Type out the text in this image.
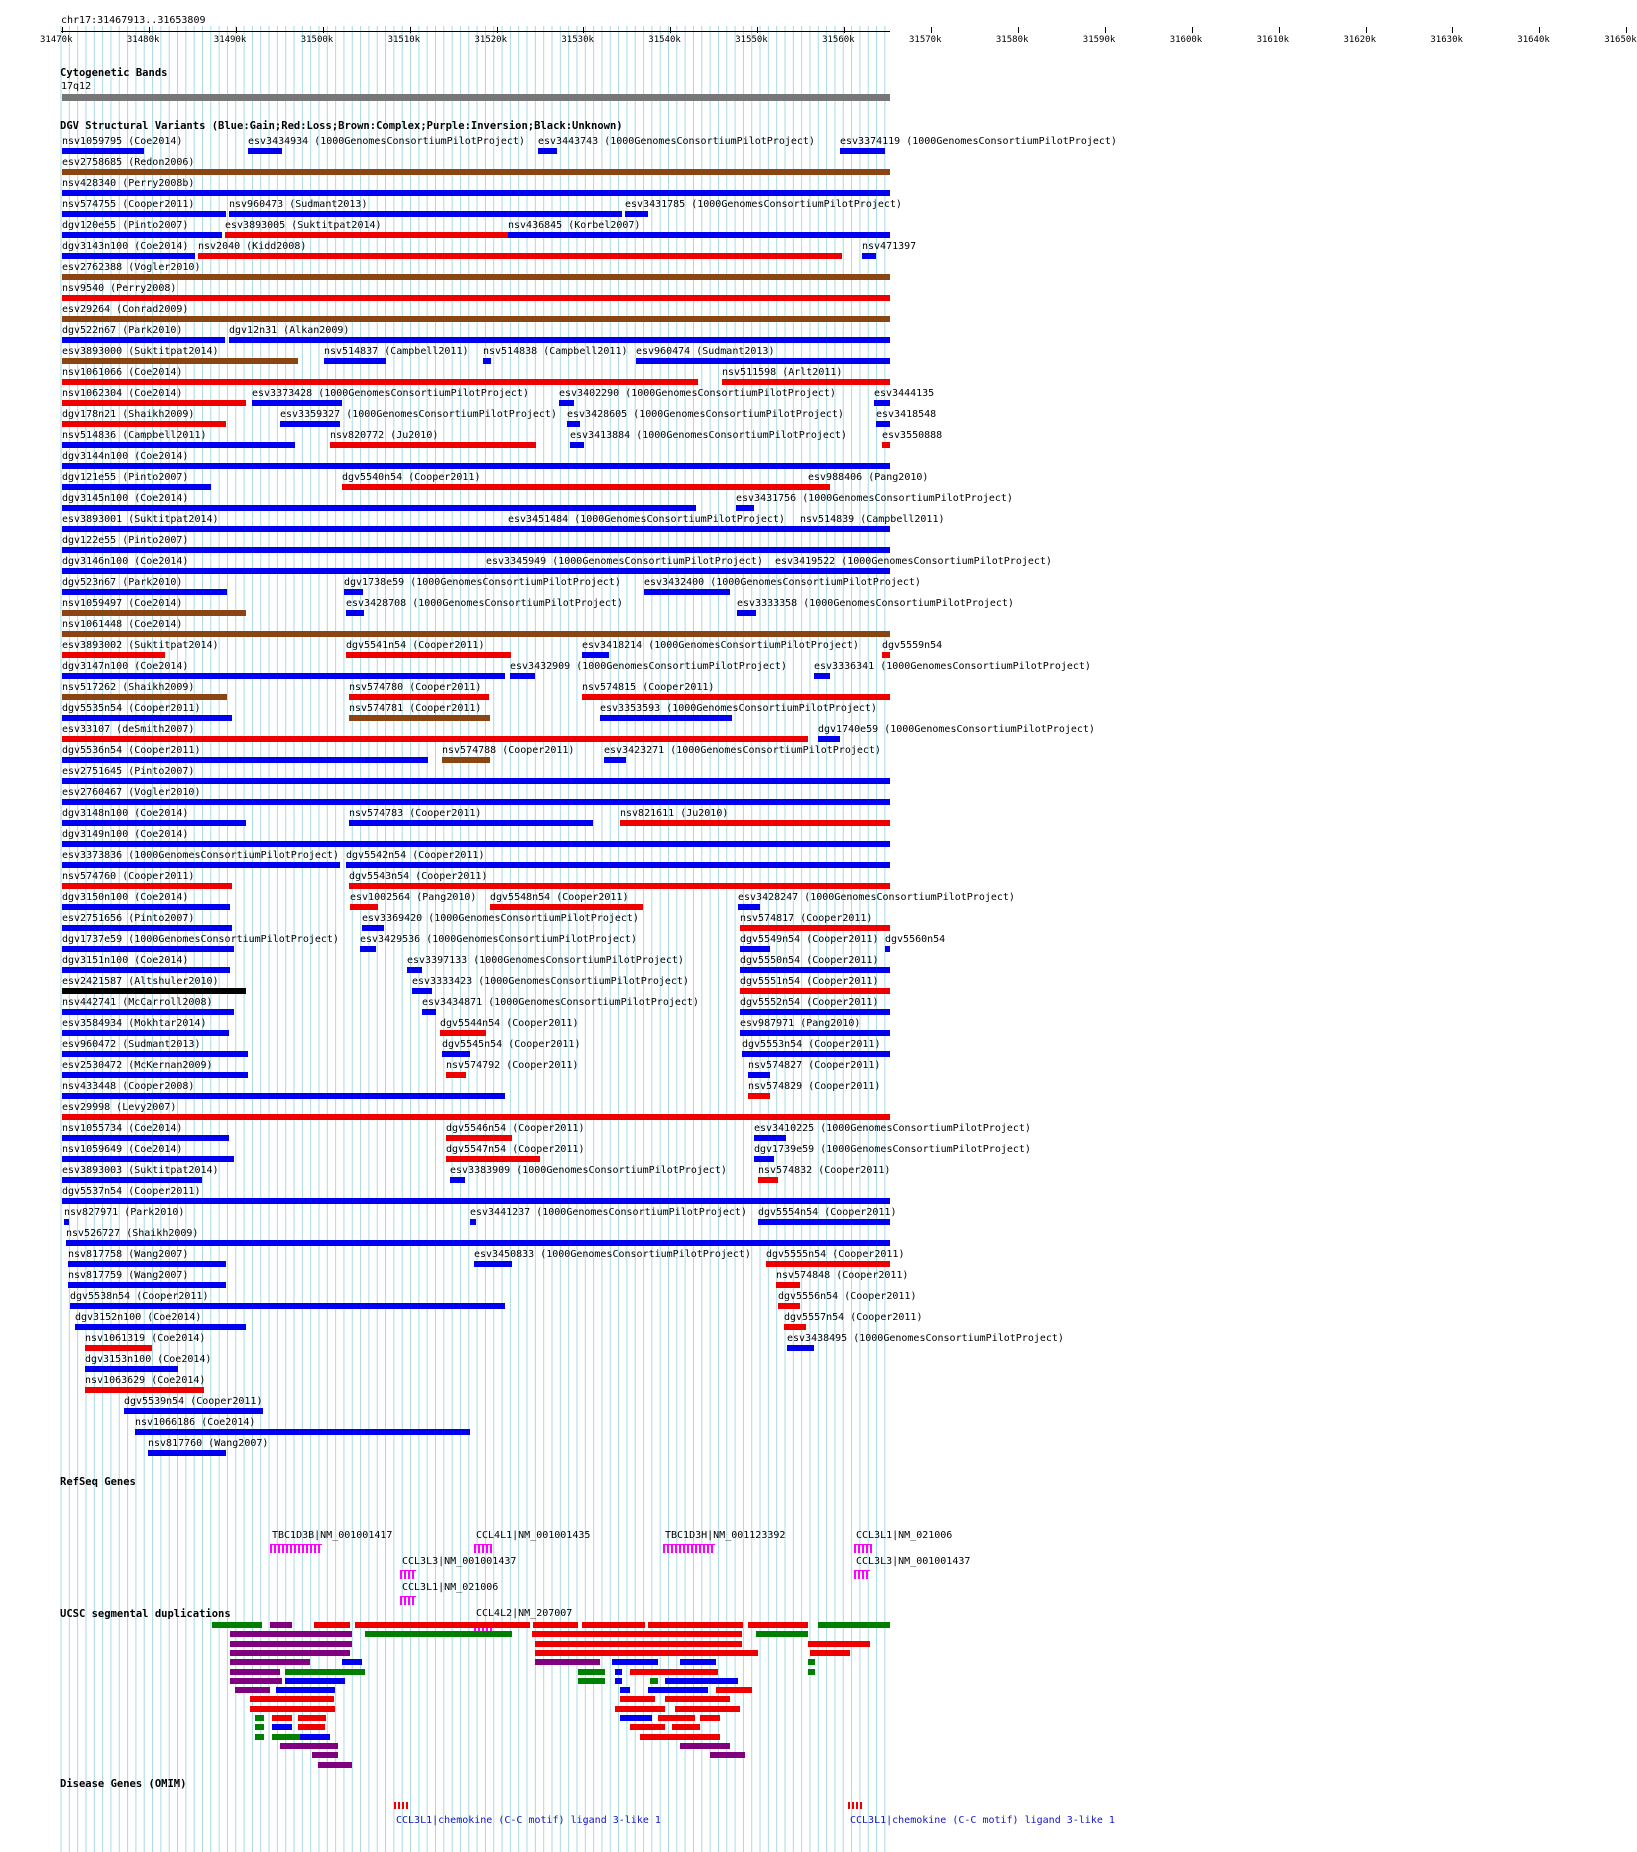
chr17:31467913..31653809
31470k	31480k	31490k	31500k	31510k	31520k	31530k	31540k	31550k	31560k	31570k	31580k	31590k	31600k	31610k	31620k	31630k	31640k	31650k
Cytogenetic Bands
17q12
DGV Structural Variants (Blue:Gain;Red:Loss;Brown:Complex;Purple:Inversion;Black:Unknown)
nsv1059795 (Coe2014)	esv3434934 (1000GenomesConsortiumPilotProject) esv3443743 (1000GenomesConsortiumPilotProject)	esv3374119 (1000GenomesConsortiumPilotProject)
esv2758685 (Redon2006)
nsv428340 (Perry2008b)
nsv574755 (Cooper2011)	nsv960473 (Sudmant2013)	esv3431785 (1000GenomesConsortiumPilotProject)
dgv120e55 (Pinto2007)	esv3893005 (Suktitpat2014)	nsv436845 (Korbel2007)
dgv3143n100 (Coe2014) nsv2040 (Kidd2008)	nsv471397
esv2762388 (Vogler2010)
nsv9540 (Perry2008)
esv29264 (Conrad2009)
dgv522n67 (Park2010)	dgv12n31 (Alkan2009)
esv3893000 (Suktitpat2014)	nsv514837 (Campbell2011) nsv514838 (Campbell2011) esv960474 (Sudmant2013)
nsv1061066 (Coe2014)	nsv511598 (Arlt2011)
nsv1062304 (Coe2014)	esv3373428 (1000GenomesConsortiumPilotProject)	esv3402290 (1000GenomesConsortiumPilotProject)	esv3444135
dgv178n21 (Shaikh2009)	esv3359327 (1000GenomesConsortiumPilotProject) esv3428605 (1000GenomesConsortiumPilotProject)	esv3418548
nsv514836 (Campbell2011)	nsv820772 (Ju2010)	esv3413884 (1000GenomesConsortiumPilotProject)	esv3550888
dgv3144n100 (Coe2014)
dgv121e55 (Pinto2007)	dgv5540n54 (Cooper2011)	esv988406 (Pang2010)
dgv3145n100 (Coe2014)	esv3431756 (1000GenomesConsortiumPilotProject)
esv3893001 (Suktitpat2014)	esv3451484 (1000GenomesConsortiumPilotProject) nsv514839 (Campbell2011)
dgv122e55 (Pinto2007)
dgv3146n100 (Coe2014)	esv3345949 (1000GenomesConsortiumPilotProject) esv3419522 (1000GenomesConsortiumPilotProject)
dgv523n67 (Park2010)	dgv1738e59 (1000GenomesConsortiumPilotProject) esv3432400 (1000GenomesConsortiumPilotProject)
nsv1059497 (Coe2014)	esv3428708 (1000GenomesConsortiumPilotProject)	esv3333358 (1000GenomesConsortiumPilotProject)
nsv1061448 (Coe2014)
esv3893002 (Suktitpat2014)	dgv5541n54 (Cooper2011)	esv3418214 (1000GenomesConsortiumPilotProject) dgv5559n54
dgv3147n100 (Coe2014)	esv3432909 (1000GenomesConsortiumPilotProject)	esv3336341 (1000GenomesConsortiumPilotProject)
nsv517262 (Shaikh2009)	nsv574780 (Cooper2011)	nsv574815 (Cooper2011)
dgv5535n54 (Cooper2011)	nsv574781 (Cooper2011)	esv3353593 (1000GenomesConsortiumPilotProject)
esv33107 (deSmith2007)	dgv1740e59 (1000GenomesConsortiumPilotProject)
dgv5536n54 (Cooper2011)	nsv574788 (Cooper2011)	esv3423271 (1000GenomesConsortiumPilotProject)
esv2751645 (Pinto2007)
esv2760467 (Vogler2010)
dgv3148n100 (Coe2014)	nsv574783 (Cooper2011)	nsv821611 (Ju2010)
dgv3149n100 (Coe2014)
esv3373836 (1000GenomesConsortiumPilotProject) dgv5542n54 (Cooper2011)
nsv574760 (Cooper2011)	dgv5543n54 (Cooper2011)
dgv3150n100 (Coe2014)	esv1002564 (Pang2010) dgv5548n54 (Cooper2011)	esv3428247 (1000GenomesConsortiumPilotProject)
esv2751656 (Pinto2007)	esv3369420 (1000GenomesConsortiumPilotProject)	nsv574817 (Cooper2011)
dgv1737e59 (1000GenomesConsortiumPilotProject) esv3429536 (1000GenomesConsortiumPilotProject)	dgv5549n54 (Cooper2011) dgv5560n54
dgv3151n100 (Coe2014)	esv3397133 (1000GenomesConsortiumPilotProject)	dgv5550n54 (Cooper2011)
esv2421587 (Altshuler2010)	esv3333423 (1000GenomesConsortiumPilotProject)	dgv5551n54 (Cooper2011)
nsv442741 (McCarroll2008)	esv3434871 (1000GenomesConsortiumPilotProject)	dgv5552n54 (Cooper2011)
esv3584934 (Mokhtar2014)	dgv5544n54 (Cooper2011)	esv987971 (Pang2010)
esv960472 (Sudmant2013)	dgv5545n54 (Cooper2011)	dgv5553n54 (Cooper2011)
esv2530472 (McKernan2009)	nsv574792 (Cooper2011)	nsv574827 (Cooper2011)
nsv433448 (Cooper2008)	nsv574829 (Cooper2011)
esv29998 (Levy2007)
nsv1055734 (Coe2014)	dgv5546n54 (Cooper2011)	esv3410225 (1000GenomesConsortiumPilotProject)
nsv1059649 (Coe2014)	dgv5547n54 (Cooper2011)	dgv1739e59 (1000GenomesConsortiumPilotProject)
esv3893003 (Suktitpat2014)	esv3383909 (1000GenomesConsortiumPilotProject)	nsv574832 (Cooper2011)
dgv5537n54 (Cooper2011)
nsv827971 (Park2010)	esv3441237 (1000GenomesConsortiumPilotProject) dgv5554n54 (Cooper2011)
nsv526727 (Shaikh2009)
nsv817758 (Wang2007)	esv3450833 (1000GenomesConsortiumPilotProject) dgv5555n54 (Cooper2011)
nsv817759 (Wang2007)	nsv574848 (Cooper2011)
dgv5538n54 (Cooper2011)	dgv5556n54 (Cooper2011)
dgv3152n100 (Coe2014)	dgv5557n54 (Cooper2011)
nsv1061319 (Coe2014)	esv3438495 (1000GenomesConsortiumPilotProject)
dgv3153n100 (Coe2014)
nsv1063629 (Coe2014)
dgv5539n54 (Cooper2011)
nsv1066186 (Coe2014)
nsv817760 (Wang2007)
RefSeq Genes
TBC1D3B|NM_001001417	CCL4L1|NM_001001435	TBC1D3H|NM_001123392	CCL3L1|NM_021006
CCL3L3|NM_001001437	CCL3L3|NM_001001437
CCL3L1|NM_021006
CCL4L2|NM_207007
UCSC segmental duplications
Disease Genes (OMIM)
CCL3L1|chemokine (C-C motif) ligand 3-like 1	CCL3L1|chemokine (C-C motif) ligand 3-like 1
